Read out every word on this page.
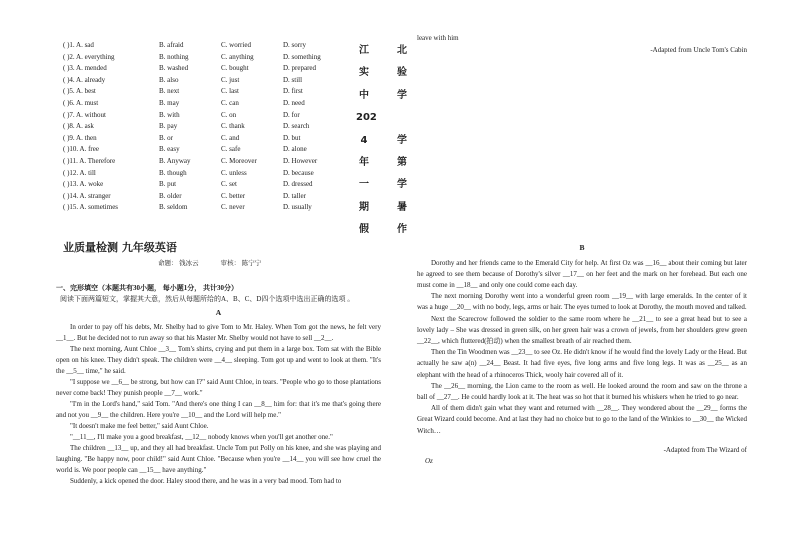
( )1. A. sad	B. afraid	C. worried	D. sorry
( )2. A. everything	B. nothing	C. anything	D. something
( )3. A. mended	B. washed	C. bought	D. prepared
( )4. A. already	B. also	C. just	D. still
( )5. A. best	B. next	C. last	D. first
( )6. A. must	B. may	C. can	D. need
( )7. A. without	B. with	C. on	D. for
( )8. A. ask	B. pay	C. thank	D. search
( )9. A. then	B. or	C. and	D. but
( )10. A. free	B. easy	C. safe	D. alone
( )11. A. Therefore	B. Anyway	C. Moreover	D. However
( )12. A. till	B. though	C. unless	D. because
( )13. A. woke	B. put	C. set	D. dressed
( )14. A. stranger	B. older	C. better	D. taller
( )15. A. sometimes	B. seldom	C. never	D. usually
江
实
中
202
4
年
一
期
假
北
验
学
学
第
学
暑
作
业质量检测 九年级英语
命题： 钱冰云	审核： 陈宁宁

一、完形填空（本题共有30小题， 每小题1分， 共计30分）

阅读下面两篇短文，掌握其大意，然后从每题所给的A、B、C、D四个选项中选出正确的选项 。

A

In order to pay off his debts, Mr. Shelby had to give Tom to Mr. Haley. When Tom got the news, he felt very __1__. But he decided not to run away so that his Master Mr. Shelby would not have to sell __2__.

The next morning, Aunt Chloe __3__ Tom's shirts, crying and put them in a large box. Tom sat with the Bible open on his knee. They didn't speak. The children were __4__ sleeping. Tom got up and went to look at them. "It's the __5__ time," he said.

"I suppose we __6__ be strong, but how can I?" said Aunt Chloe, in tears. "People who go to those plantations never come back! They punish people __7__ work."

"I'm in the Lord's hand," said Tom. "And there's one thing I can __8__ him for: that it's me that's going there and not you __9__ the children. Here you're __10__ and the Lord will help me."

"It doesn't make me feel better," said Aunt Chloe.

"__11__, I'll make you a good breakfast, __12__ nobody knows when you'll get another one."

The children __13__ up, and they all had breakfast. Uncle Tom put Polly on his knee, and she was playing and laughing. "Be happy now, poor child!" said Aunt Chloe. "Because when you're __14__ you will see how cruel the world is. We poor people can __15__ have anything."

Suddenly, a kick opened the door. Haley stood there, and he was in a very bad mood. Tom had to

leave with him

-Adapted from Uncle Tom's Cabin

B

Dorothy and her friends came to the Emerald City for help. At first Oz was __16__ about their coming but later he agreed to see them because of Dorothy's silver __17__ on her feet and the mark on her forehead. But each one must come in __18__ and only one could come each day.

The next morning Dorothy went into a wonderful green room __19__ with large emeralds. In the center of it was a huge __20__ with no body, legs, arms or hair. The eyes turned to look at Dorothy, the mouth moved and talked.

Next the Scarecrow followed the soldier to the same room where he __21__ to see a great head but to see a lovely lady – She was dressed in green silk, on her green hair was a crown of jewels, from her shoulders grew green __22__, which fluttered(拍动) when the smallest breath of air reached them.

Then the Tin Woodmen was __23__ to see Oz. He didn't know if he would find the lovely Lady or the Head. But actually he saw a(n) __24__ Beast. It had five eyes, five long arms and five long legs. It was as __25__ as an elephant with the head of a rhinoceros Thick, wooly hair covered all of it.

The __26__ morning, the Lion came to the room as well. He looked around the room and saw on the throne a ball of __27__. He could hardly look at it. The heat was so hot that it burned his whiskers when he tried to go near.

All of them didn't gain what they want and returned with __28__. They wondered about the __29__ forms the Great Wizard could become. And at last they had no choice but to go to the land of the Winkies to __30__ the Wicked Witch…

-Adapted from The Wizard of

Oz
